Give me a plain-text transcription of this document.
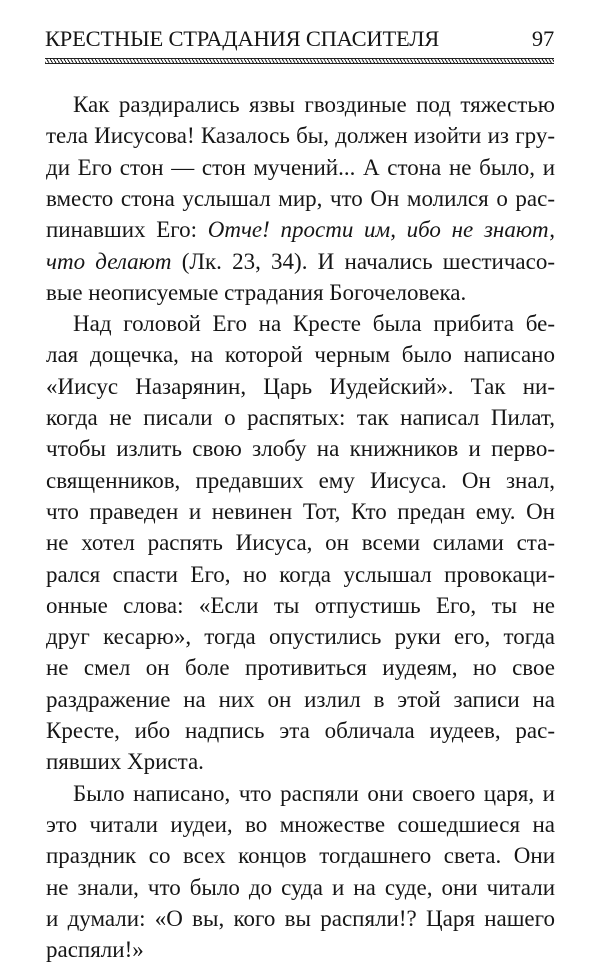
КРЕСТНЫЕ СТРАДАНИЯ СПАСИТЕЛЯ	97
Как раздирались язвы гвоздиные под тяжестью
тела Иисусова! Казалось бы, должен изойти из гру-
ди Его стон — стон мучений... А стона не было, и
вместо стона услышал мир, что Он молился о рас-
пинавших Его: Отче! прости им, ибо не знают,
что делают (Лк. 23, 34). И начались шестичасо-
вые неописуемые страдания Богочеловека.
Над головой Его на Кресте была прибита бе-
лая дощечка, на которой черным было написано
«Иисус Назарянин, Царь Иудейский». Так ни-
когда не писали о распятых: так написал Пилат,
чтобы излить свою злобу на книжников и перво-
священников, предавших ему Иисуса. Он знал,
что праведен и невинен Тот, Кто предан ему. Он
не хотел распять Иисуса, он всеми силами ста-
рался спасти Его, но когда услышал провокаци-
онные слова: «Если ты отпустишь Его, ты не
друг кесарю», тогда опустились руки его, тогда
не смел он боле противиться иудеям, но свое
раздражение на них он излил в этой записи на
Кресте, ибо надпись эта обличала иудеев, рас-
пявших Христа.
Было написано, что распяли они своего царя, и
это читали иудеи, во множестве сошедшиеся на
праздник со всех концов тогдашнего света. Они
не знали, что было до суда и на суде, они читали
и думали: «О вы, кого вы распяли!? Царя нашего
распяли!»
